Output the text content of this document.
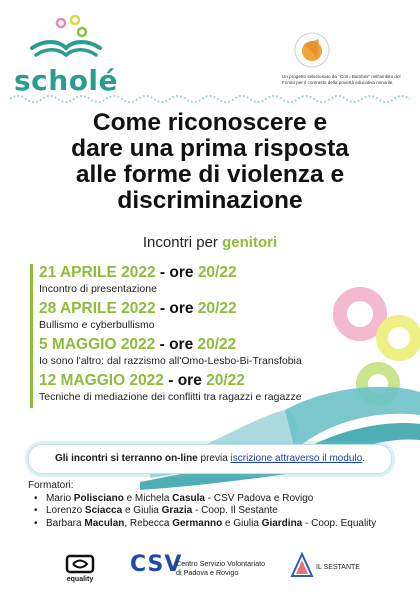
scholé	Un progetto selezionato da "Con i Bambini" nell'ambito del Fondo per il contrasto della povertà educativa minorile.
Come riconoscere e
dare una prima risposta
alle forme di violenza e
discriminazione
Incontri per genitori
21 APRILE 2022 - ore 20/22
Incontro di presentazione
28 APRILE 2022 - ore 20/22
Bullismo e cyberbullismo
5 MAGGIO 2022 - ore 20/22
Io sono l'altro: dal razzismo all'Omo-Lesbo-Bi-Transfobia
12 MAGGIO 2022 - ore 20/22
Tecniche di mediazione dei conflitti tra ragazzi e ragazze
Gli incontri si terranno on-line previa iscrizione attraverso il modulo.
Formatori:
• Mario Polisciano e Michela Casula - CSV Padova e Rovigo
• Lorenzo Sciacca e Giulia Grazia - Coop. Il Sestante
• Barbara Maculan, Rebecca Germanno e Giulia Giardina - Coop. Equality
equality
CSV
Centro Servizio Volontariato
di Padova e Rovigo
IL SESTANTE
